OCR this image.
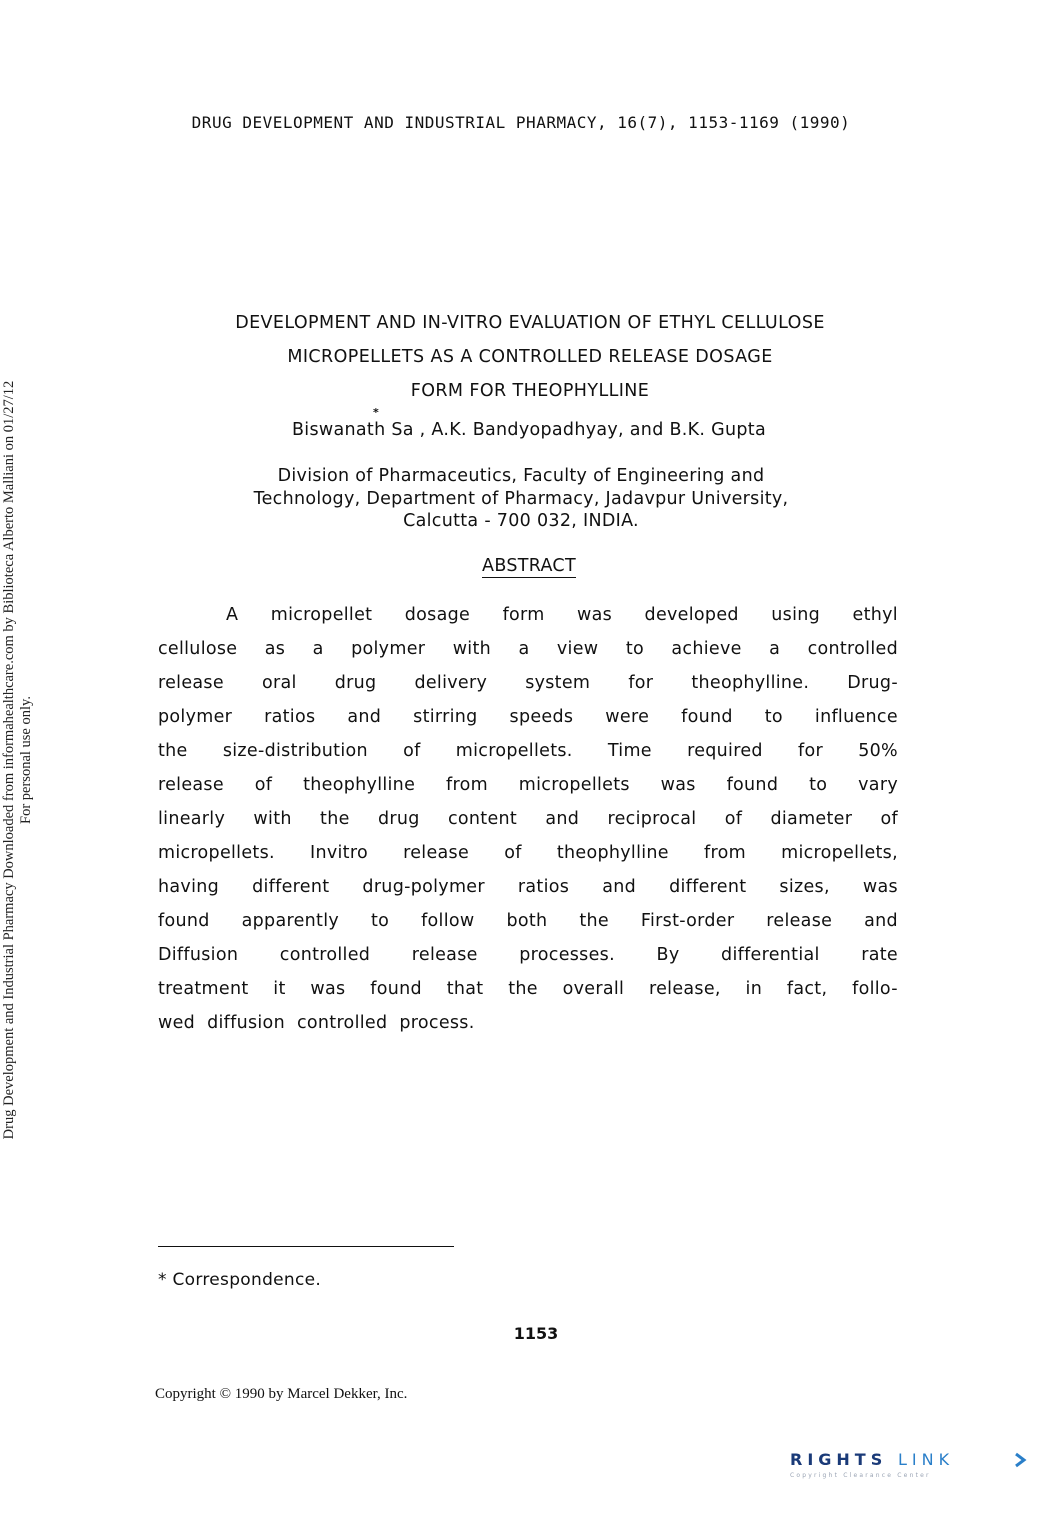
DRUG DEVELOPMENT AND INDUSTRIAL PHARMACY, 16(7), 1153-1169 (1990)
Drug Development and Industrial Pharmacy Downloaded from informahealthcare.com by Biblioteca Alberto Malliani on 01/27/12 For personal use only.
DEVELOPMENT AND IN-VITRO EVALUATION OF ETHYL CELLULOSE
MICROPELLETS AS A CONTROLLED RELEASE DOSAGE
FORM FOR THEOPHYLLINE
*
Biswanath Sa , A.K. Bandyopadhyay, and B.K. Gupta
Division of Pharmaceutics, Faculty of Engineering and
Technology, Department of Pharmacy, Jadavpur University,
Calcutta - 700 032, INDIA.
ABSTRACT
A micropellet dosage form was developed using ethyl
cellulose as a polymer with a view to achieve a controlled
release oral drug delivery system for theophylline. Drug-
polymer ratios and stirring speeds were found to influence
the size-distribution of micropellets. Time required for 50%
release of theophylline from micropellets was found to vary
linearly with the drug content and reciprocal of diameter of
micropellets. Invitro release of theophylline from micropellets,
having different drug-polymer ratios and different sizes, was
found apparently to follow both the First-order release and
Diffusion controlled release processes. By differential rate
treatment it was found that the overall release, in fact, follo-
wed diffusion controlled process.
* Correspondence.
1153
Copyright © 1990 by Marcel Dekker, Inc.
RIGHTS LINK
Copyright Clearance Center
